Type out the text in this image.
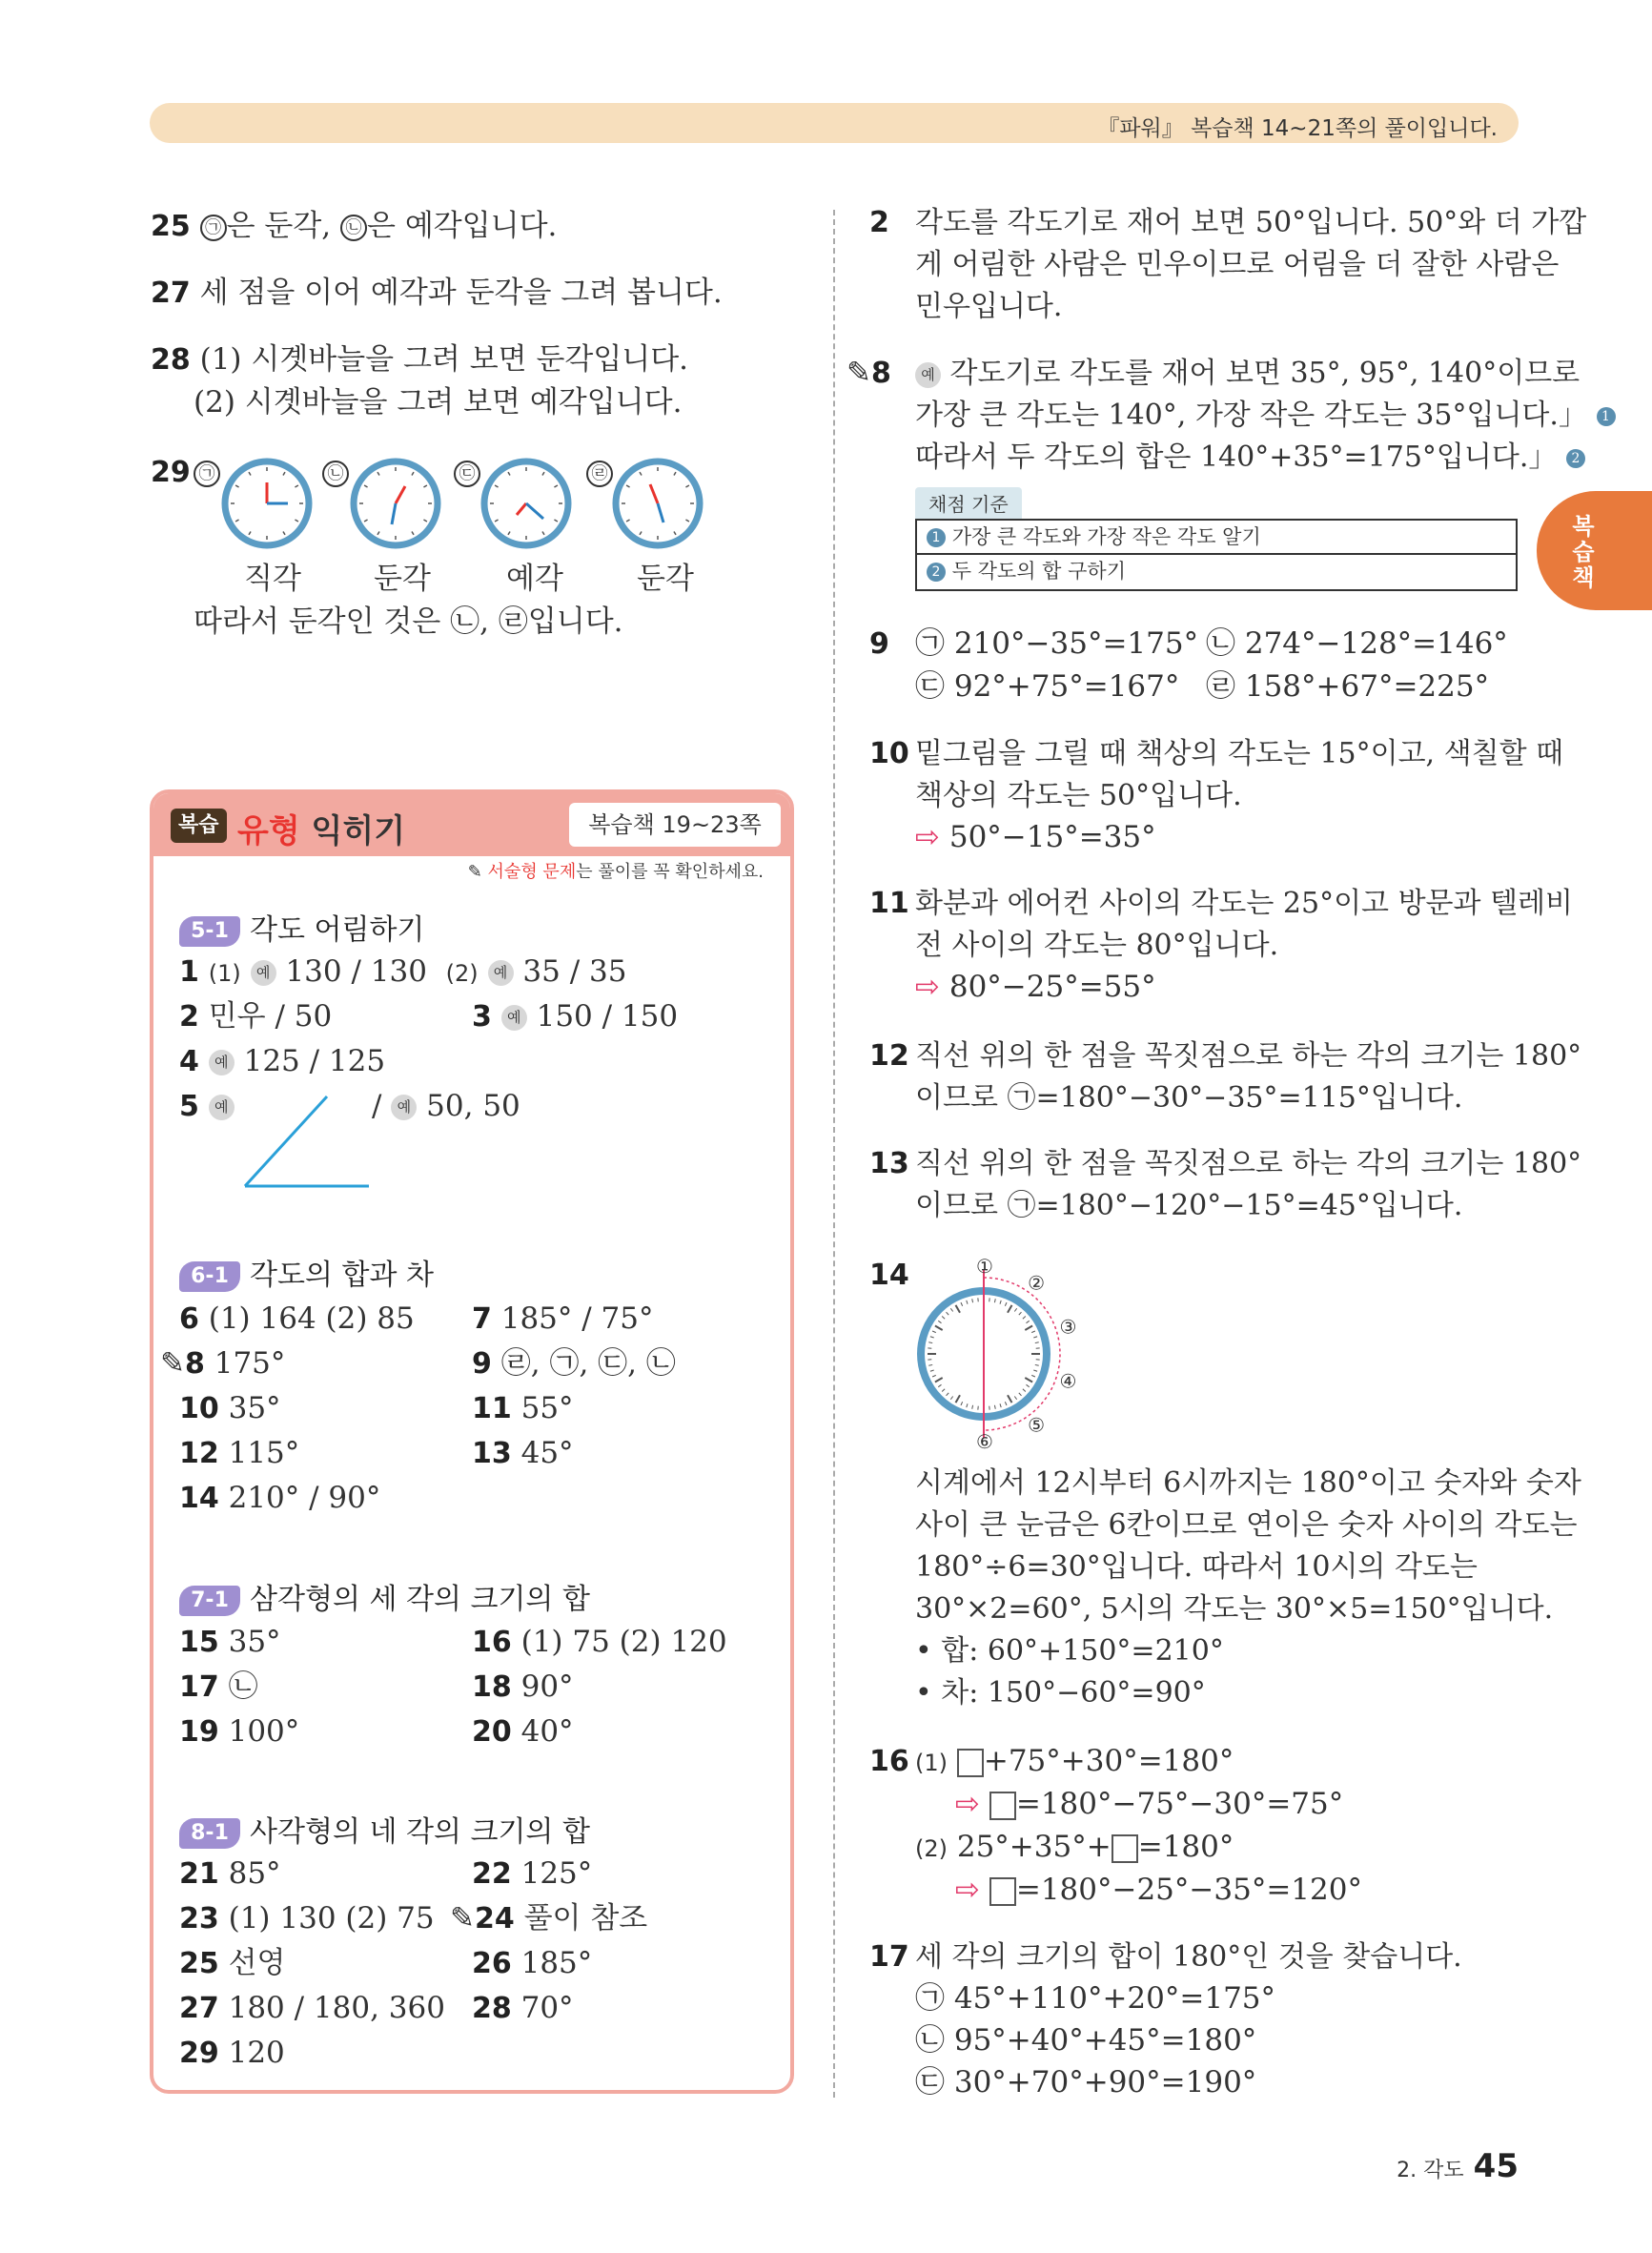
『파워』 복습책 14~21쪽의 풀이입니다.
복습책
25 ㉠ 은 둔각, ㉡ 은 예각입니다.
27 세 점을 이어 예각과 둔각을 그려 봅니다.
28 (1) 시곗바늘을 그려 보면 둔각입니다.
(2) 시곗바늘을 그려 보면 예각입니다.
29 ㉠	㉡	㉢	㉣
직각 둔각	예각 둔각
따라서 둔각인 것은 ㉡, ㉣입니다.
복습 유형 익히기	복습책 19~23쪽
✎ 서술형 문제는 풀이를 꼭 확인하세요.
5-1 각도 어림하기
1 (1) 예 130 / 130 (2) 예 35 / 35
2 민우 / 50	3 예 150 / 150
4 예 125 / 125
5 예	/ 예 50, 50
6-1 각도의 합과 차
6 (1) 164 (2) 85 7 185° / 75°
✎8 175°	9 ㉣, ㉠, ㉢, ㉡
10 35°	11 55°
12 115°	13 45°
14 210° / 90°
7-1 삼각형의 세 각의 크기의 합
15 35°	16 (1) 75 (2) 120
17 ㉡	18 90°
19 100°	20 40°
8-1 사각형의 네 각의 크기의 합
21 85°	22 125°
23 (1) 130 (2) 75 ✎24 풀이 참조
25 선영	26 185°
27 180 / 180, 360 28 70°
29 120
2 각도를 각도기로 재어 보면 50°입니다. 50°와 더 가깝
게 어림한 사람은 민우이므로 어림을 더 잘한 사람은
민우입니다.
✎8	예 각도기로 각도를 재어 보면 35°, 95°, 140°이므로
가장 큰 각도는 140°, 가장 작은 각도는 35°입니다.」 1
따라서 두 각도의 합은 140°+35°=175°입니다.」 2
채점 기준
1 가장 큰 각도와 가장 작은 각도 알기
2 두 각도의 합 구하기
9 ㉠ 210°−35°=175° ㉡ 274°−128°=146°
㉢ 92°+75°=167° ㉣ 158°+67°=225°
10 밑그림을 그릴 때 책상의 각도는 15°이고, 색칠할 때
책상의 각도는 50°입니다.
⇨ 50°−15°=35°
11 화분과 에어컨 사이의 각도는 25°이고 방문과 텔레비
전 사이의 각도는 80°입니다.
⇨ 80°−25°=55°
12 직선 위의 한 점을 꼭짓점으로 하는 각의 크기는 180°
이므로 ㉠=180°−30°−35°=115°입니다.
13 직선 위의 한 점을 꼭짓점으로 하는 각의 크기는 180°
이므로 ㉠=180°−120°−15°=45°입니다.
14	①
②
③
④
⑤
⑥
시계에서 12시부터 6시까지는 180°이고 숫자와 숫자
사이 큰 눈금은 6칸이므로 연이은 숫자 사이의 각도는
180°÷6=30°입니다. 따라서 10시의 각도는
30°×2=60°, 5시의 각도는 30°×5=150°입니다.
• 합: 60°+150°=210°
• 차: 150°−60°=90°
16 (1) +75°+30°=180°
⇨ =180°−75°−30°=75°
(2) 25°+35°+ =180°
⇨ =180°−25°−35°=120°
17 세 각의 크기의 합이 180°인 것을 찾습니다.
㉠ 45°+110°+20°=175°
㉡ 95°+40°+45°=180°
㉢ 30°+70°+90°=190°
2. 각도 45
